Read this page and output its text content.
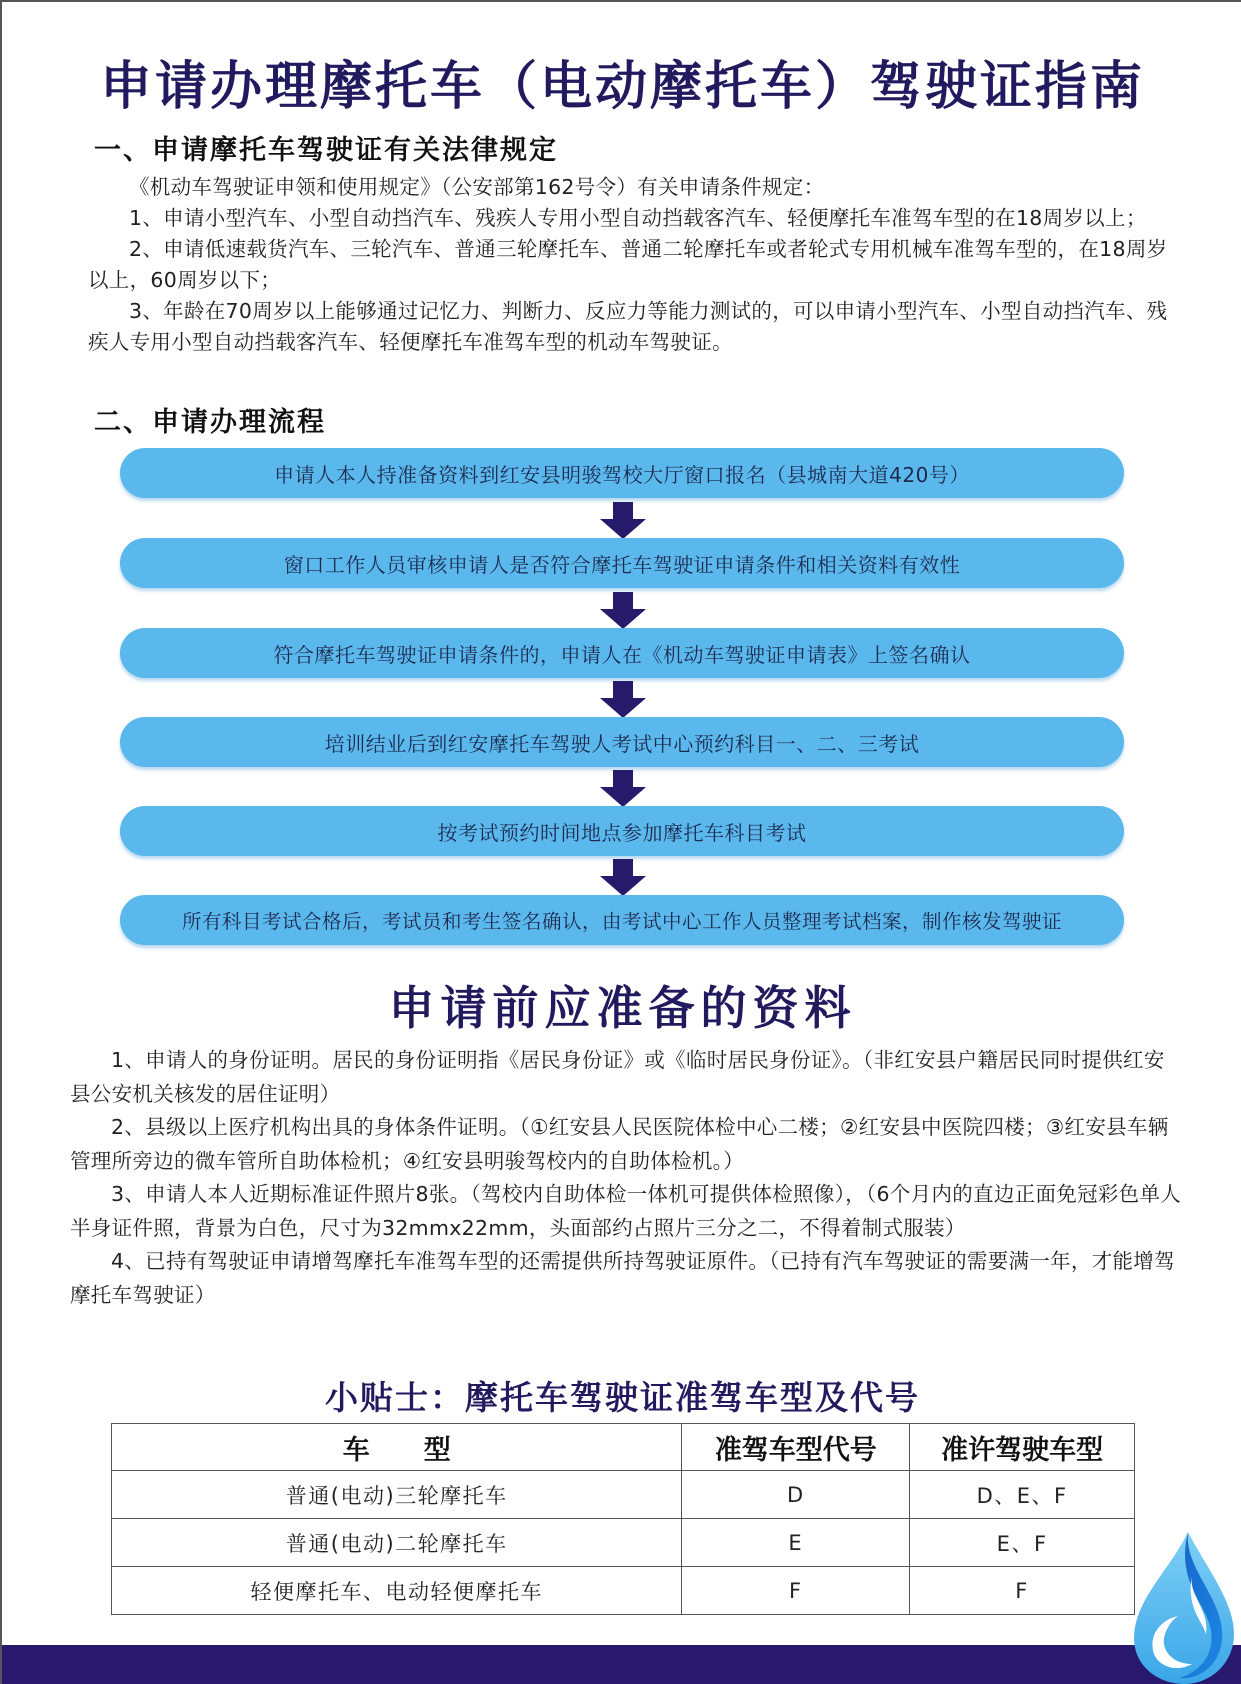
申请办理摩托车（电动摩托车）驾驶证指南
一、申请摩托车驾驶证有关法律规定

《机动车驾驶证申领和使用规定》（公安部第162号令）有关申请条件规定：

1、申请小型汽车、小型自动挡汽车、残疾人专用小型自动挡载客汽车、轻便摩托车准驾车型的在18周岁以上；

2、申请低速载货汽车、三轮汽车、普通三轮摩托车、普通二轮摩托车或者轮式专用机械车准驾车型的，在18周岁以上，60周岁以下；

3、年龄在70周岁以上能够通过记忆力、判断力、反应力等能力测试的，可以申请小型汽车、小型自动挡汽车、残疾人专用小型自动挡载客汽车、轻便摩托车准驾车型的机动车驾驶证。

二、申请办理流程
申请人本人持准备资料到红安县明骏驾校大厅窗口报名（县城南大道420号）
窗口工作人员审核申请人是否符合摩托车驾驶证申请条件和相关资料有效性
符合摩托车驾驶证申请条件的，申请人在《机动车驾驶证申请表》上签名确认
培训结业后到红安摩托车驾驶人考试中心预约科目一、二、三考试
按考试预约时间地点参加摩托车科目考试
所有科目考试合格后，考试员和考生签名确认，由考试中心工作人员整理考试档案，制作核发驾驶证
申请前应准备的资料

1、申请人的身份证明。居民的身份证明指《居民身份证》或《临时居民身份证》。（非红安县户籍居民同时提供红安县公安机关核发的居住证明）

2、县级以上医疗机构出具的身体条件证明。（①红安县人民医院体检中心二楼；②红安县中医院四楼；③红安县车辆管理所旁边的微车管所自助体检机；④红安县明骏驾校内的自助体检机。）

3、申请人本人近期标准证件照片8张。（驾校内自助体检一体机可提供体检照像），（6个月内的直边正面免冠彩色单人半身证件照，背景为白色，尺寸为32mmx22mm，头面部约占照片三分之二，不得着制式服装）

4、已持有驾驶证申请增驾摩托车准驾车型的还需提供所持驾驶证原件。（已持有汽车驾驶证的需要满一年，才能增驾摩托车驾驶证）

小贴士：摩托车驾驶证准驾车型及代号
车　　型	准驾车型代号	准许驾驶车型
普通(电动)三轮摩托车	D	D、E、F
普通(电动)二轮摩托车	E	E、F
轻便摩托车、电动轻便摩托车	F	F
